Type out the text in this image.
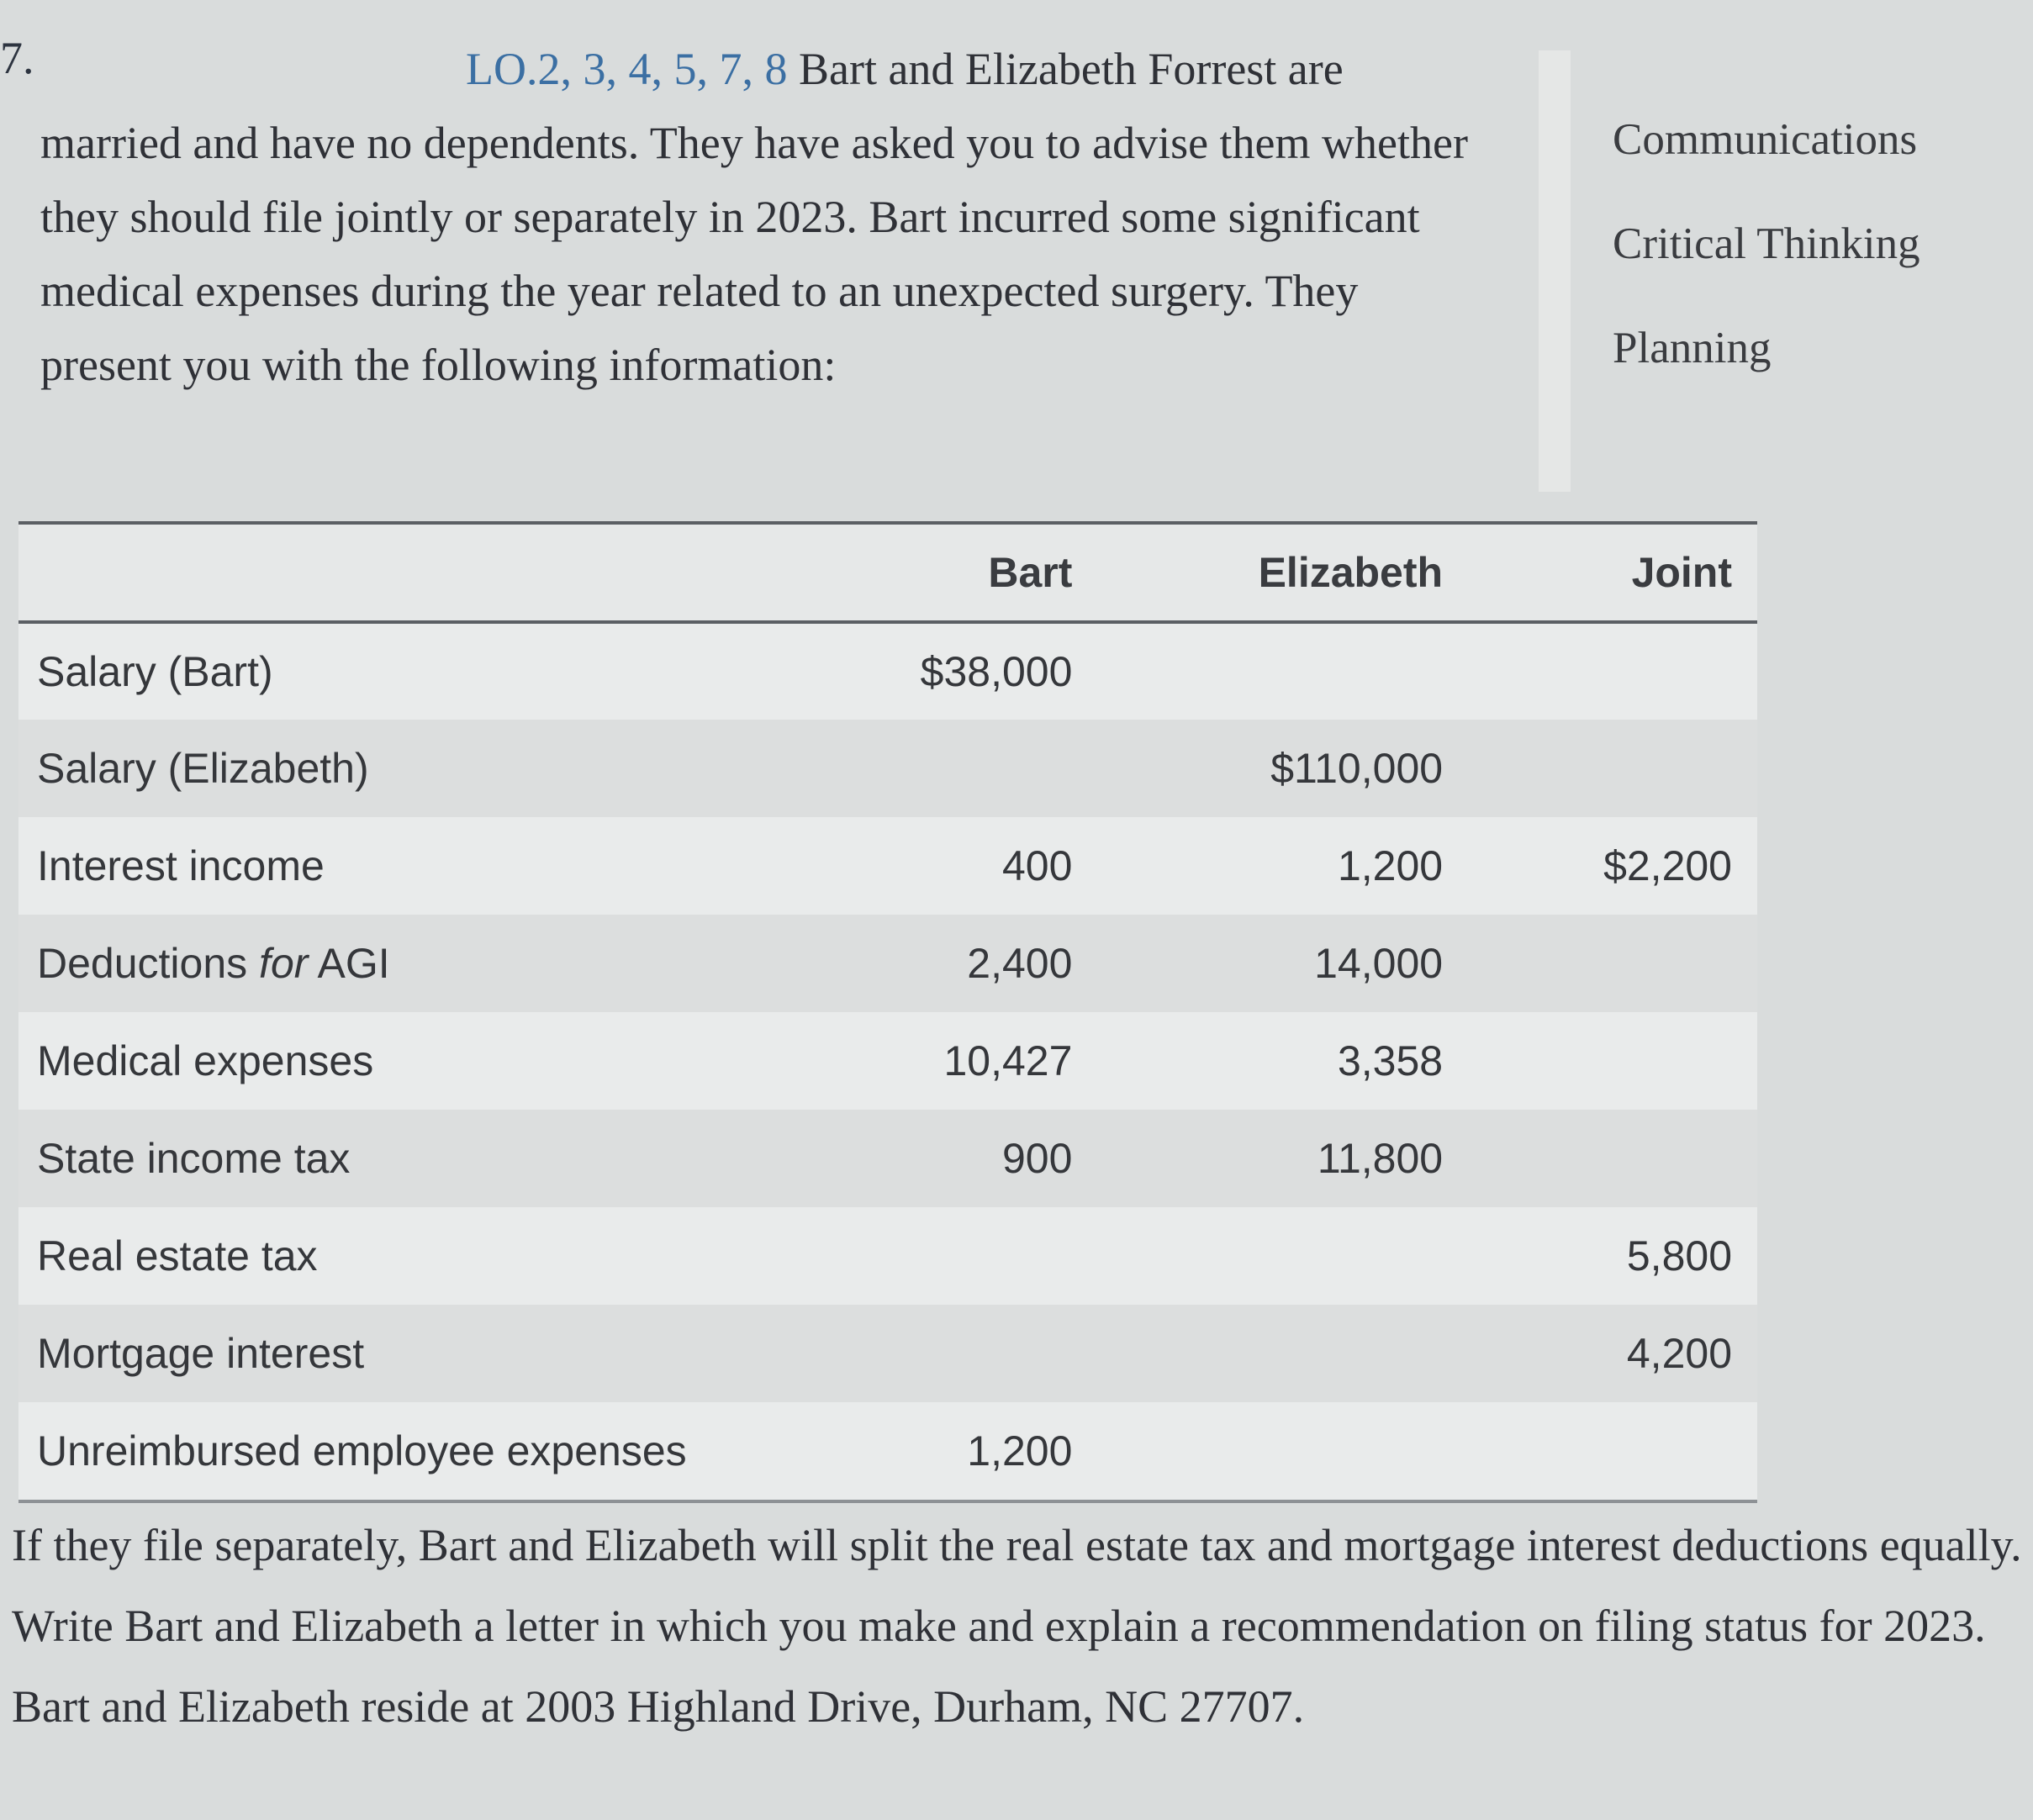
7.	LO.2, 3, 4, 5, 7, 8 Bart and Elizabeth Forrest are married and have no dependents. They have asked you to advise them whether they should file jointly or separately in 2023. Bart incurred some significant medical expenses during the year related to an unexpected surgery. They present you with the following information:
Communications
Critical Thinking
Planning
	Bart	Elizabeth	Joint
Salary (Bart)	$38,000		
Salary (Elizabeth)		$110,000	
Interest income	400	1,200	$2,200
Deductions for AGI	2,400	14,000	
Medical expenses	10,427	3,358	
State income tax	900	11,800	
Real estate tax			5,800
Mortgage interest			4,200
Unreimbursed employee expenses	1,200		
If they file separately, Bart and Elizabeth will split the real estate tax and mortgage interest deductions equally. Write Bart and Elizabeth a letter in which you make and explain a recommendation on filing status for 2023. Bart and Elizabeth reside at 2003 Highland Drive, Durham, NC 27707.
